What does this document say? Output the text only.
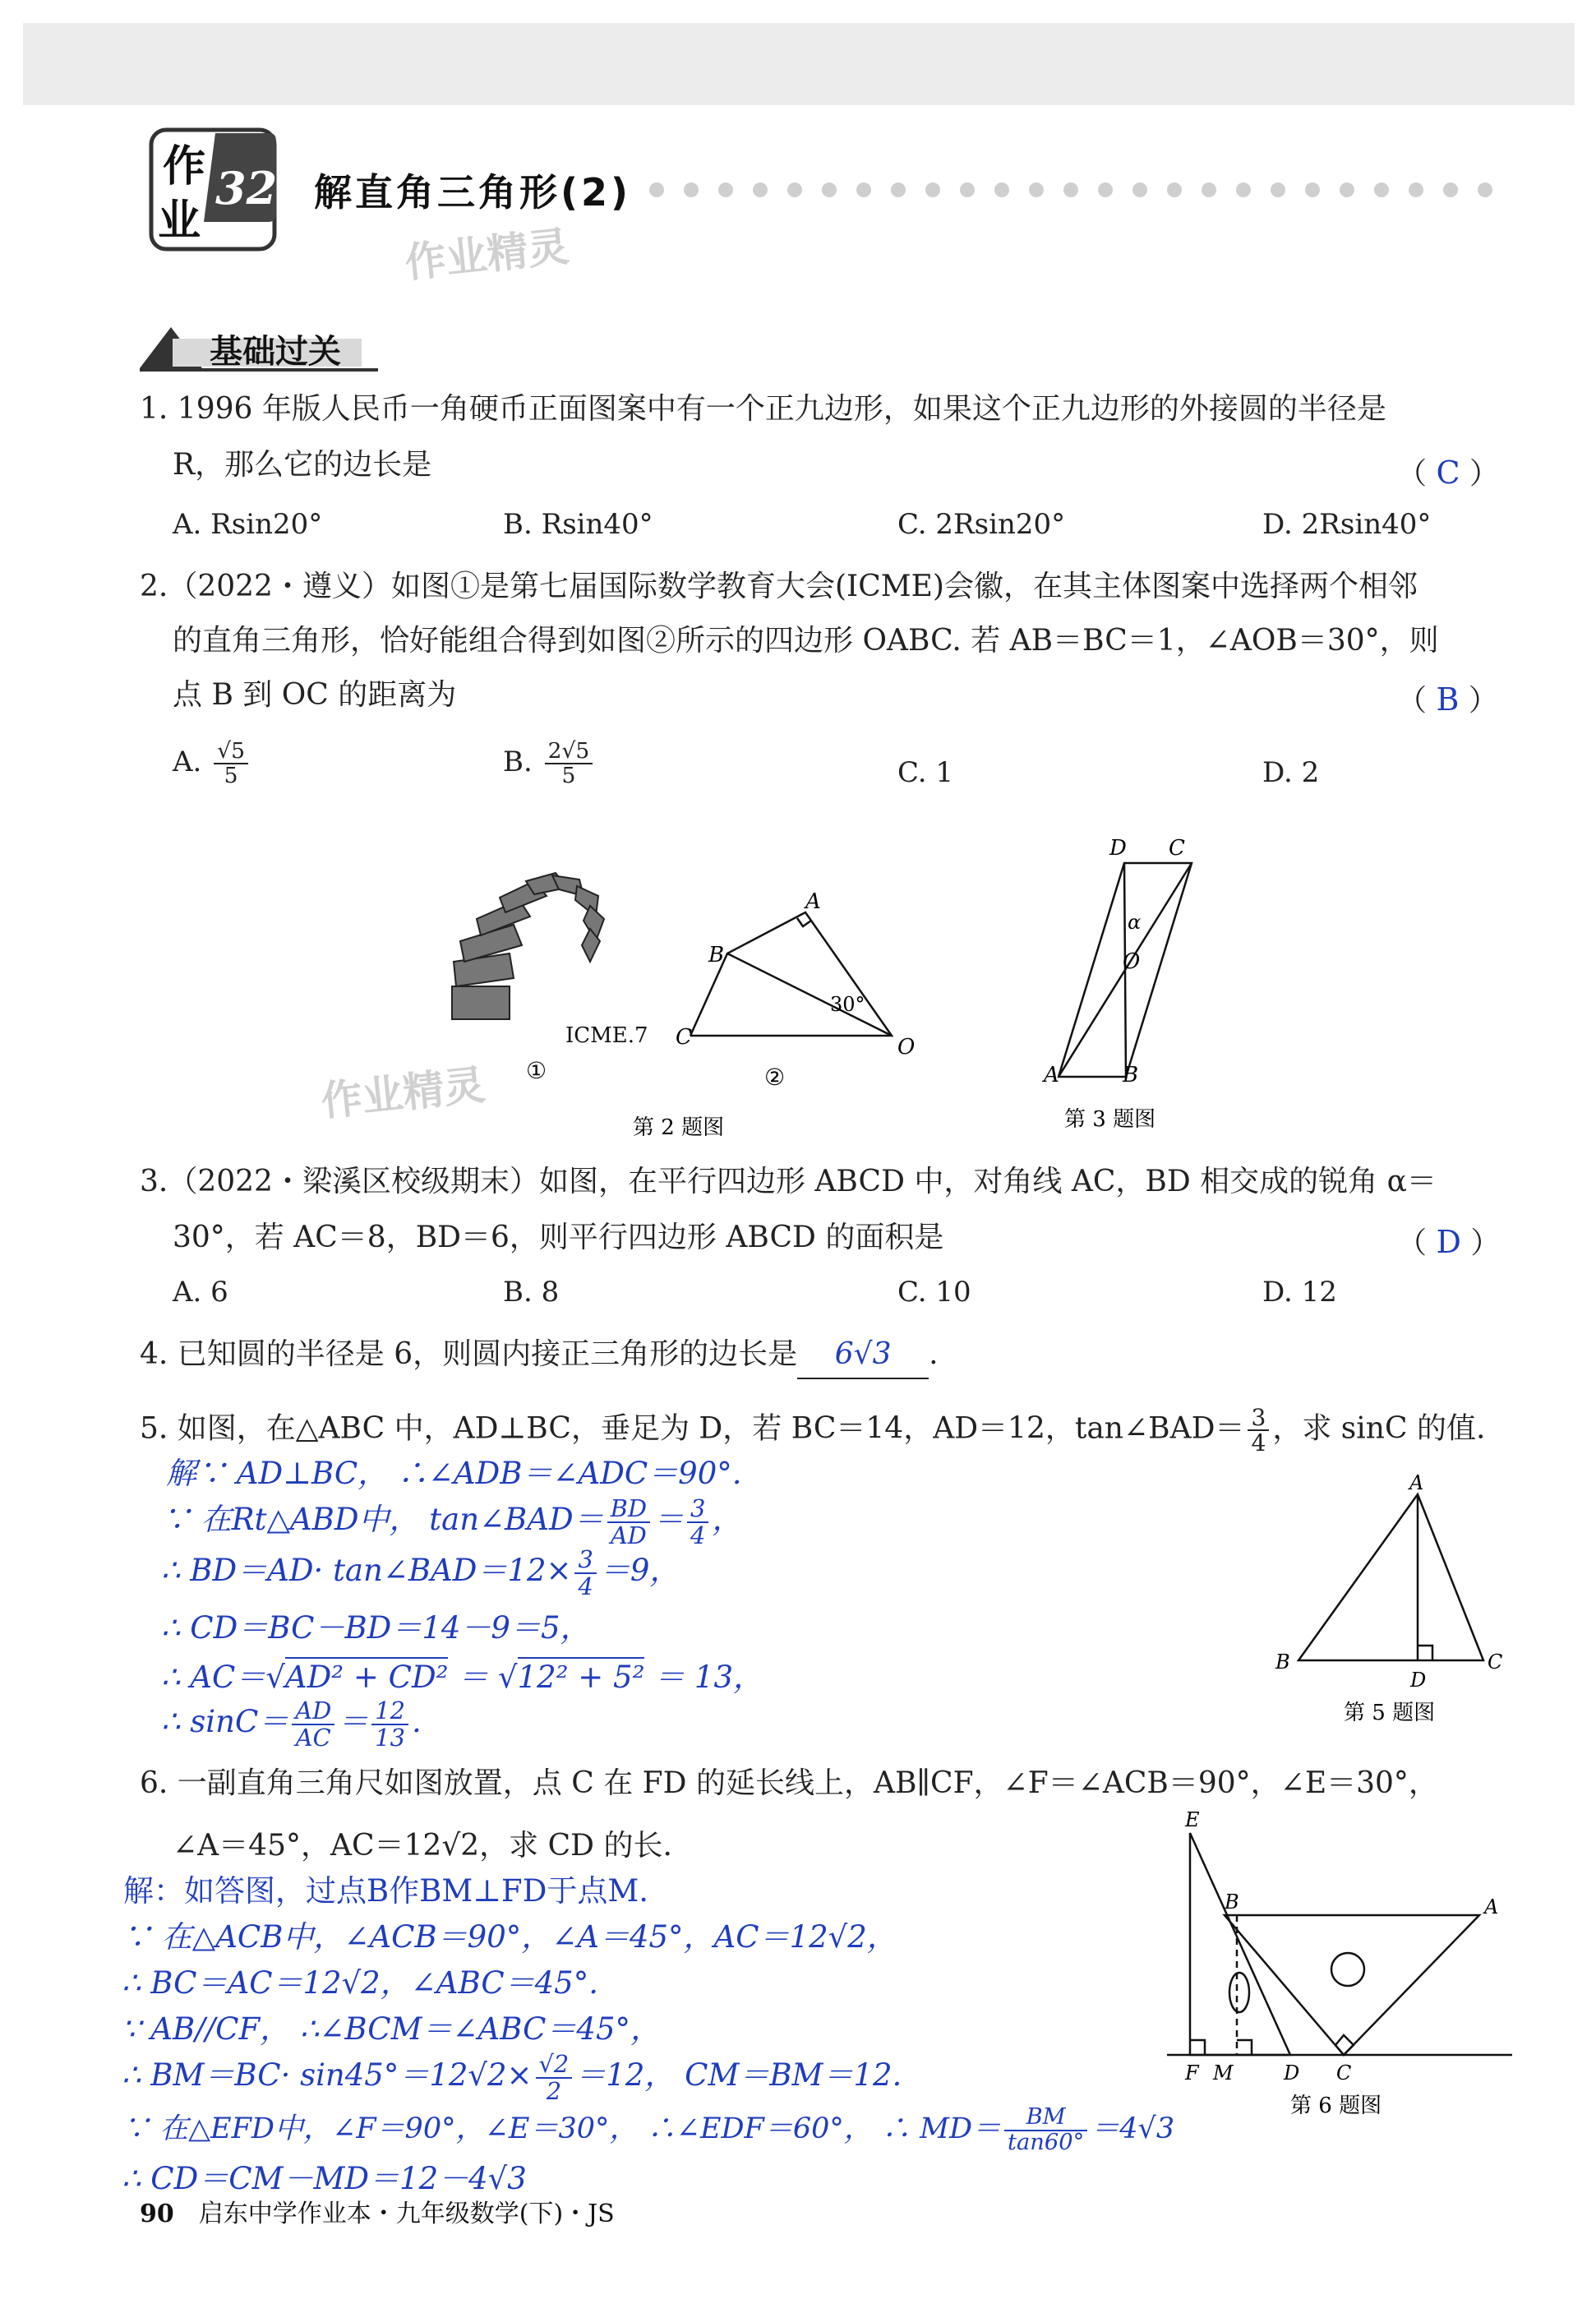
作
业
32 解直角三角形(2)
作业精灵
基础过关
1. 1996 年版人民币一角硬币正面图案中有一个正九边形，如果这个正九边形的外接圆的半径是
R，那么它的边长是	（ C ）
A. Rsin20°	B. Rsin40°	C. 2Rsin20°	D. 2Rsin40°
2.（2022・遵义）如图①是第七届国际数学教育大会(ICME)会徽，在其主体图案中选择两个相邻
的直角三角形，恰好能组合得到如图②所示的四边形 OABC. 若 AB＝BC＝1，∠AOB＝30°，则
点 B 到 OC 的距离为	（ B ）
A. $\frac{√5}{5}$	B. $\frac{2√5}{5}$	C. 1	D. 2
ICME.7
①
A
B
C	O
30°
②
第 2 题图
作业精灵	A	B
D C
O
α
第 3 题图
3.（2022・梁溪区校级期末）如图，在平行四边形 ABCD 中，对角线 AC，BD 相交成的锐角 α＝
30°，若 AC＝8，BD＝6，则平行四边形 ABCD 的面积是	（ D ）
A. 6	B. 8	C. 10	D. 12
4. 已知圆的半径是 6，则圆内接正三角形的边长是 6√3 .
5. 如图，在△ABC 中，AD⊥BC，垂足为 D，若 BC＝14，AD＝12，tan∠BAD＝ $\frac{3}{4}$ ，求 sinC 的值.
解∵ AD⊥BC， ∴∠ADB＝∠ADC＝90°.
∵ 在Rt△ABD中， tan∠BAD＝ $\frac{BD}{AD} = \frac{3}{4}$ ，
∴ BD＝AD· tan∠BAD＝12× $\frac{3}{4} =9$，
∴ CD＝BC－BD＝14－9＝5，
∴ AC＝√AD² + CD² ＝ √12² + 5² ＝ 13，
∴ $\sin C= \frac{AD}{AC} = \frac{12}{13}$ .
A
B	C
D
第 5 题图
6. 一副直角三角尺如图放置，点 C 在 FD 的延长线上，AB∥CF，∠F＝∠ACB＝90°，∠E＝30°，
∠A＝45°，AC＝12√2，求 CD 的长.
解：如答图，过点B作BM⊥FD于点M.
∵ 在△ACB中，∠ACB＝90°，∠A＝45°，AC＝12√2，
∴ BC＝AC＝12√2，∠ABC＝45°.
∵ AB//CF， ∴∠BCM＝∠ABC＝45°，
∴ $BM=BC\cdot \sin 45^\circ=12√2\times \frac{√2}{2} =12$， CM＝BM＝12.
∵ 在△EFD中，∠F＝90°，∠E＝30°， ∴∠EDF＝60°， ∴ $MD= \frac{BM}{\tan 60^\circ} =4√3$
∴ CD＝CM－MD＝12－4√3
E
B	A
F M	D C
第 6 题图
90 启东中学作业本・九年级数学(下)・JS
